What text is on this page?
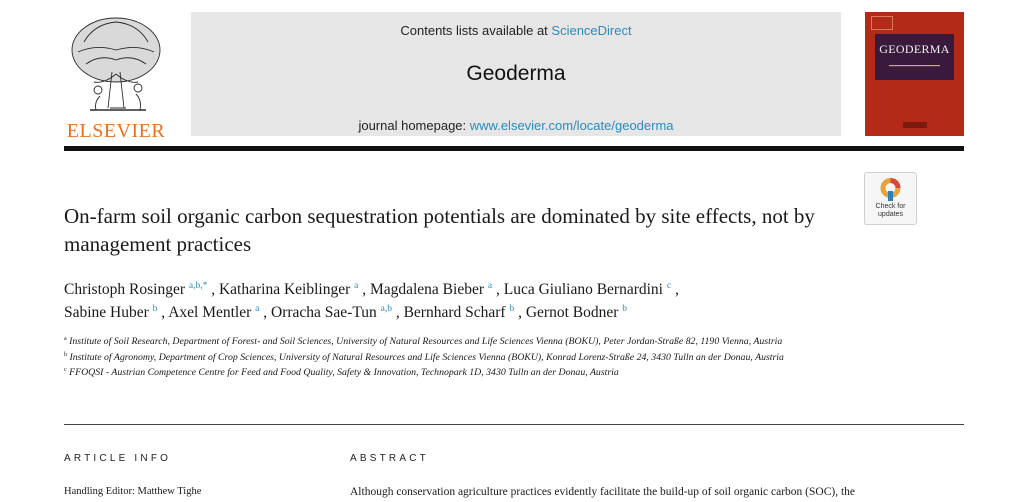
ELSEVIER
Contents lists available at ScienceDirect
Geoderma
journal homepage: www.elsevier.com/locate/geoderma
GEODERMA
Check for
updates
On-farm soil organic carbon sequestration potentials are dominated by site effects, not by management practices
Christoph Rosinger $^{a,b,*}$ , Katharina Keiblinger $^a$ , Magdalena Bieber $^a$ , Luca Giuliano Bernardini $^c$ ,
Sabine Huber $^b$ , Axel Mentler $^a$ , Orracha Sae-Tun $^{a,b}$ , Bernhard Scharf $^b$ , Gernot Bodner $^b$
$^a$ Institute of Soil Research, Department of Forest- and Soil Sciences, University of Natural Resources and Life Sciences Vienna (BOKU), Peter Jordan-Straße 82, 1190 Vienna, Austria
$^b$ Institute of Agronomy, Department of Crop Sciences, University of Natural Resources and Life Sciences Vienna (BOKU), Konrad Lorenz-Straße 24, 3430 Tulln an der Donau, Austria
$^c$ FFOQSI - Austrian Competence Centre for Feed and Food Quality, Safety & Innovation, Technopark 1D, 3430 Tulln an der Donau, Austria
ARTICLE INFO	ABSTRACT
Handling Editor: Matthew Tighe	Although conservation agriculture practices evidently facilitate the build-up of soil organic carbon (SOC), the
